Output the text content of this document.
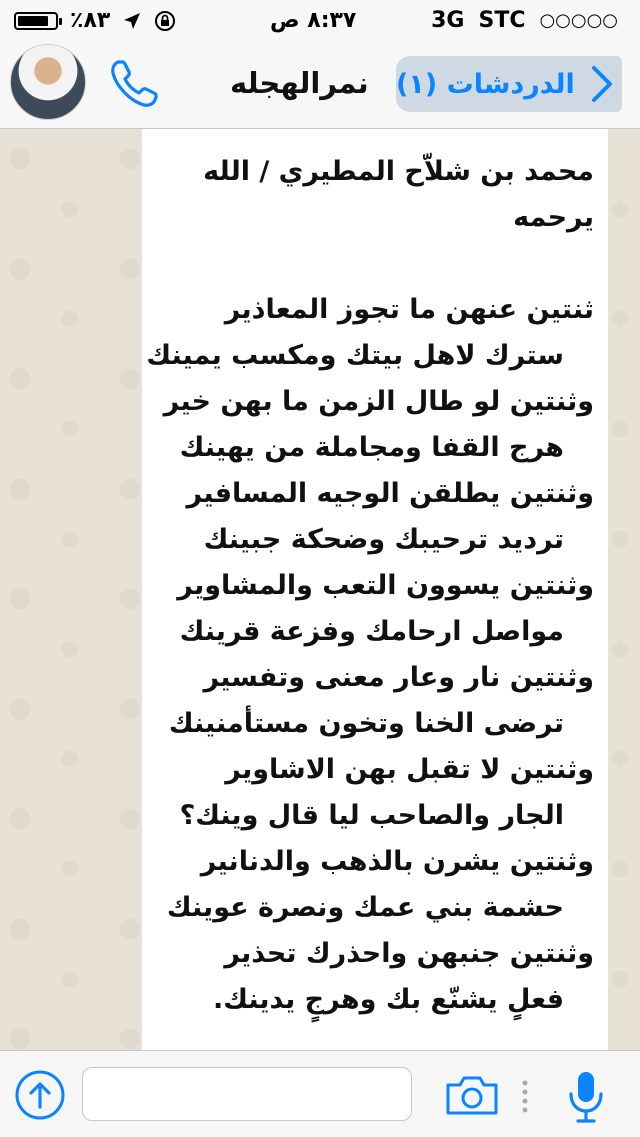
٪٨٣	٨:٣٧ ص	3G STC ○○○○○
نمرالهجله الدردشات (١)
محمد بن شلاّح المطيري / الله
يرحمه
ثنتين عنهن ما تجوز المعاذير
سترك لاهل بيتك ومكسب يمينك
وثنتين لو طال الزمن ما بهن خير
هرج القفا ومجاملة من يهينك
وثنتين يطلقن الوجيه المسافير
ترديد ترحيبك وضحكة جبينك
وثنتين يسوون التعب والمشاوير
مواصل ارحامك وفزعة قرينك
وثنتين نار وعار معنى وتفسير
ترضى الخنا وتخون مستأمنينك
وثنتين لا تقبل بهن الاشاوير
الجار والصاحب ليا قال وينك؟
وثنتين يشرن بالذهب والدنانير
حشمة بني عمك ونصرة عوينك
وثنتين جنبهن واحذرك تحذير
فعلٍ يشنّع بك وهرجٍ يدينك.
